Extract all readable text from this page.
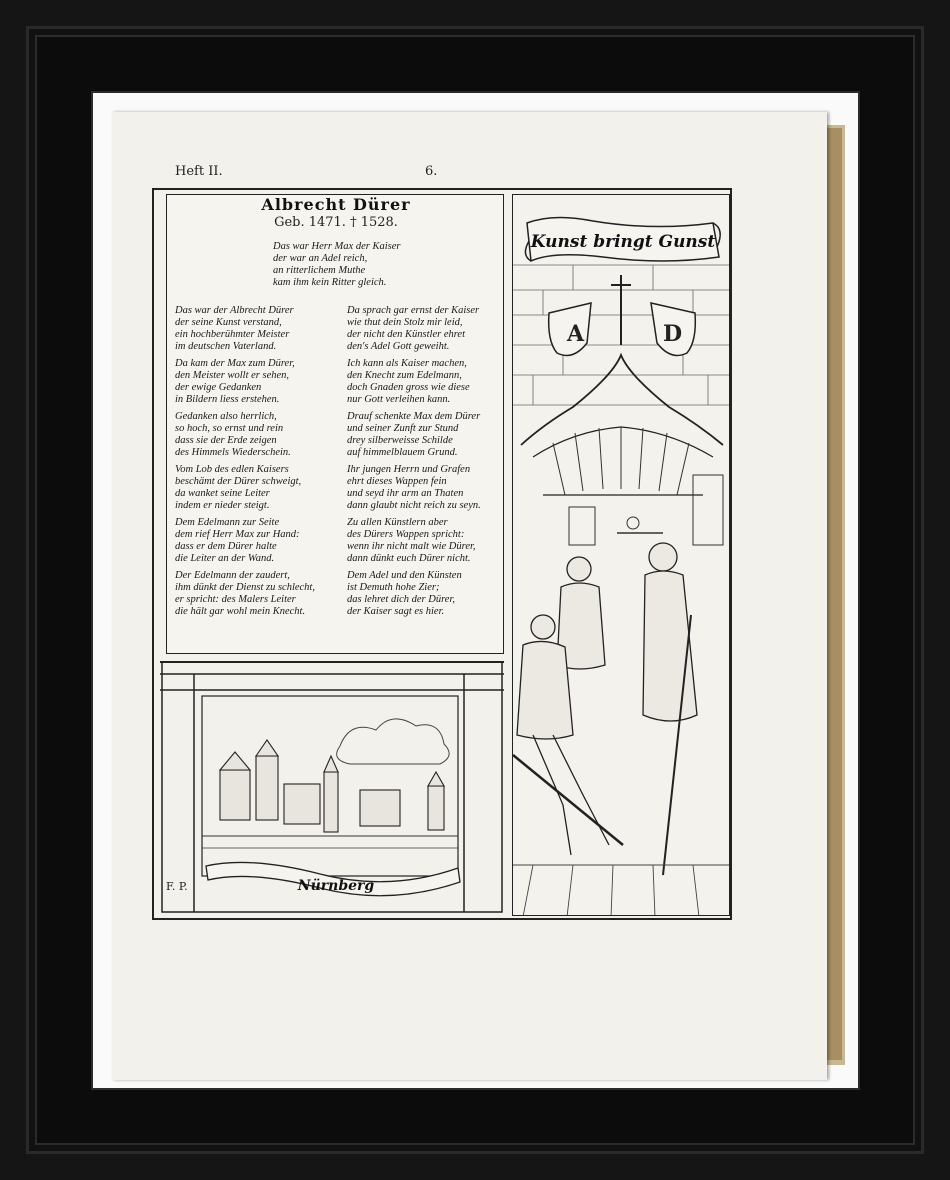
Heft II.	6.
Albrecht Dürer
Geb. 1471. † 1528.
Das war Herr Max der Kaiser
der war an Adel reich,
an ritterlichem Muthe
kam ihm kein Ritter gleich.

Das war der Albrecht Dürer
der seine Kunst verstand,
ein hochberühmter Meister
im deutschen Vaterland.

Da kam der Max zum Dürer,
den Meister wollt er sehen,
der ewige Gedanken
in Bildern liess erstehen.

Gedanken also herrlich,
so hoch, so ernst und rein
dass sie der Erde zeigen
des Himmels Wiederschein.

Vom Lob des edlen Kaisers
beschämt der Dürer schweigt,
da wanket seine Leiter
indem er nieder steigt.

Dem Edelmann zur Seite
dem rief Herr Max zur Hand:
dass er dem Dürer halte
die Leiter an der Wand.

Der Edelmann der zaudert,
ihm dünkt der Dienst zu schlecht,
er spricht: des Malers Leiter
die hält gar wohl mein Knecht.

Da sprach gar ernst der Kaiser
wie thut dein Stolz mir leid,
der nicht den Künstler ehret
den's Adel Gott geweiht.

Ich kann als Kaiser machen,
den Knecht zum Edelmann,
doch Gnaden gross wie diese
nur Gott verleihen kann.

Drauf schenkte Max dem Dürer
und seiner Zunft zur Stund
drey silberweisse Schilde
auf himmelblauem Grund.

Ihr jungen Herrn und Grafen
ehrt dieses Wappen fein
und seyd ihr arm an Thaten
dann glaubt nicht reich zu seyn.

Zu allen Künstlern aber
des Dürers Wappen spricht:
wenn ihr nicht malt wie Dürer,
dann dünkt euch Dürer nicht.

Dem Adel und den Künsten
ist Demuth hohe Zier;
das lehret dich der Dürer,
der Kaiser sagt es hier.

Kunst bringt Gunst
A	D
Nürnberg
F. P.
